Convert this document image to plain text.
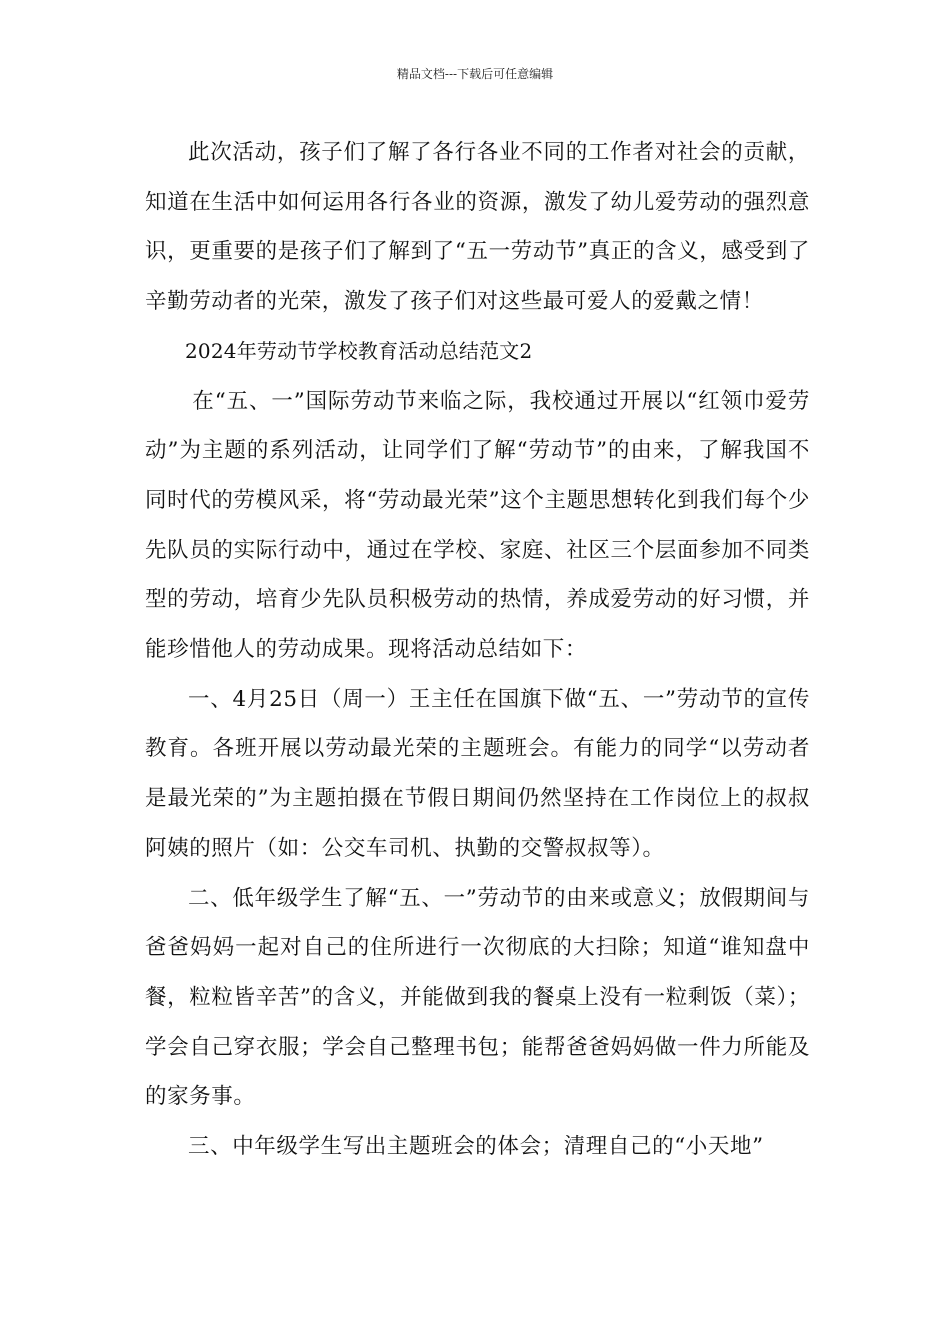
精品文档---下载后可任意编辑

此次活动，孩子们了解了各行各业不同的工作者对社会的贡献，知道在生活中如何运用各行各业的资源，激发了幼儿爱劳动的强烈意识，更重要的是孩子们了解到了“五一劳动节”真正的含义，感受到了辛勤劳动者的光荣，激发了孩子们对这些最可爱人的爱戴之情！

2024年劳动节学校教育活动总结范文2

在“五、一”国际劳动节来临之际，我校通过开展以“红领巾爱劳动”为主题的系列活动，让同学们了解“劳动节”的由来，了解我国不同时代的劳模风采，将“劳动最光荣”这个主题思想转化到我们每个少先队员的实际行动中，通过在学校、家庭、社区三个层面参加不同类型的劳动，培育少先队员积极劳动的热情，养成爱劳动的好习惯，并能珍惜他人的劳动成果。现将活动总结如下：

一、4月25日（周一）王主任在国旗下做“五、一”劳动节的宣传教育。各班开展以劳动最光荣的主题班会。有能力的同学“以劳动者是最光荣的”为主题拍摄在节假日期间仍然坚持在工作岗位上的叔叔阿姨的照片（如：公交车司机、执勤的交警叔叔等）。

二、低年级学生了解“五、一”劳动节的由来或意义；放假期间与爸爸妈妈一起对自己的住所进行一次彻底的大扫除；知道“谁知盘中餐，粒粒皆辛苦”的含义，并能做到我的餐桌上没有一粒剩饭（菜）；学会自己穿衣服；学会自己整理书包；能帮爸爸妈妈做一件力所能及的家务事。

三、中年级学生写出主题班会的体会；清理自己的“小天地”
